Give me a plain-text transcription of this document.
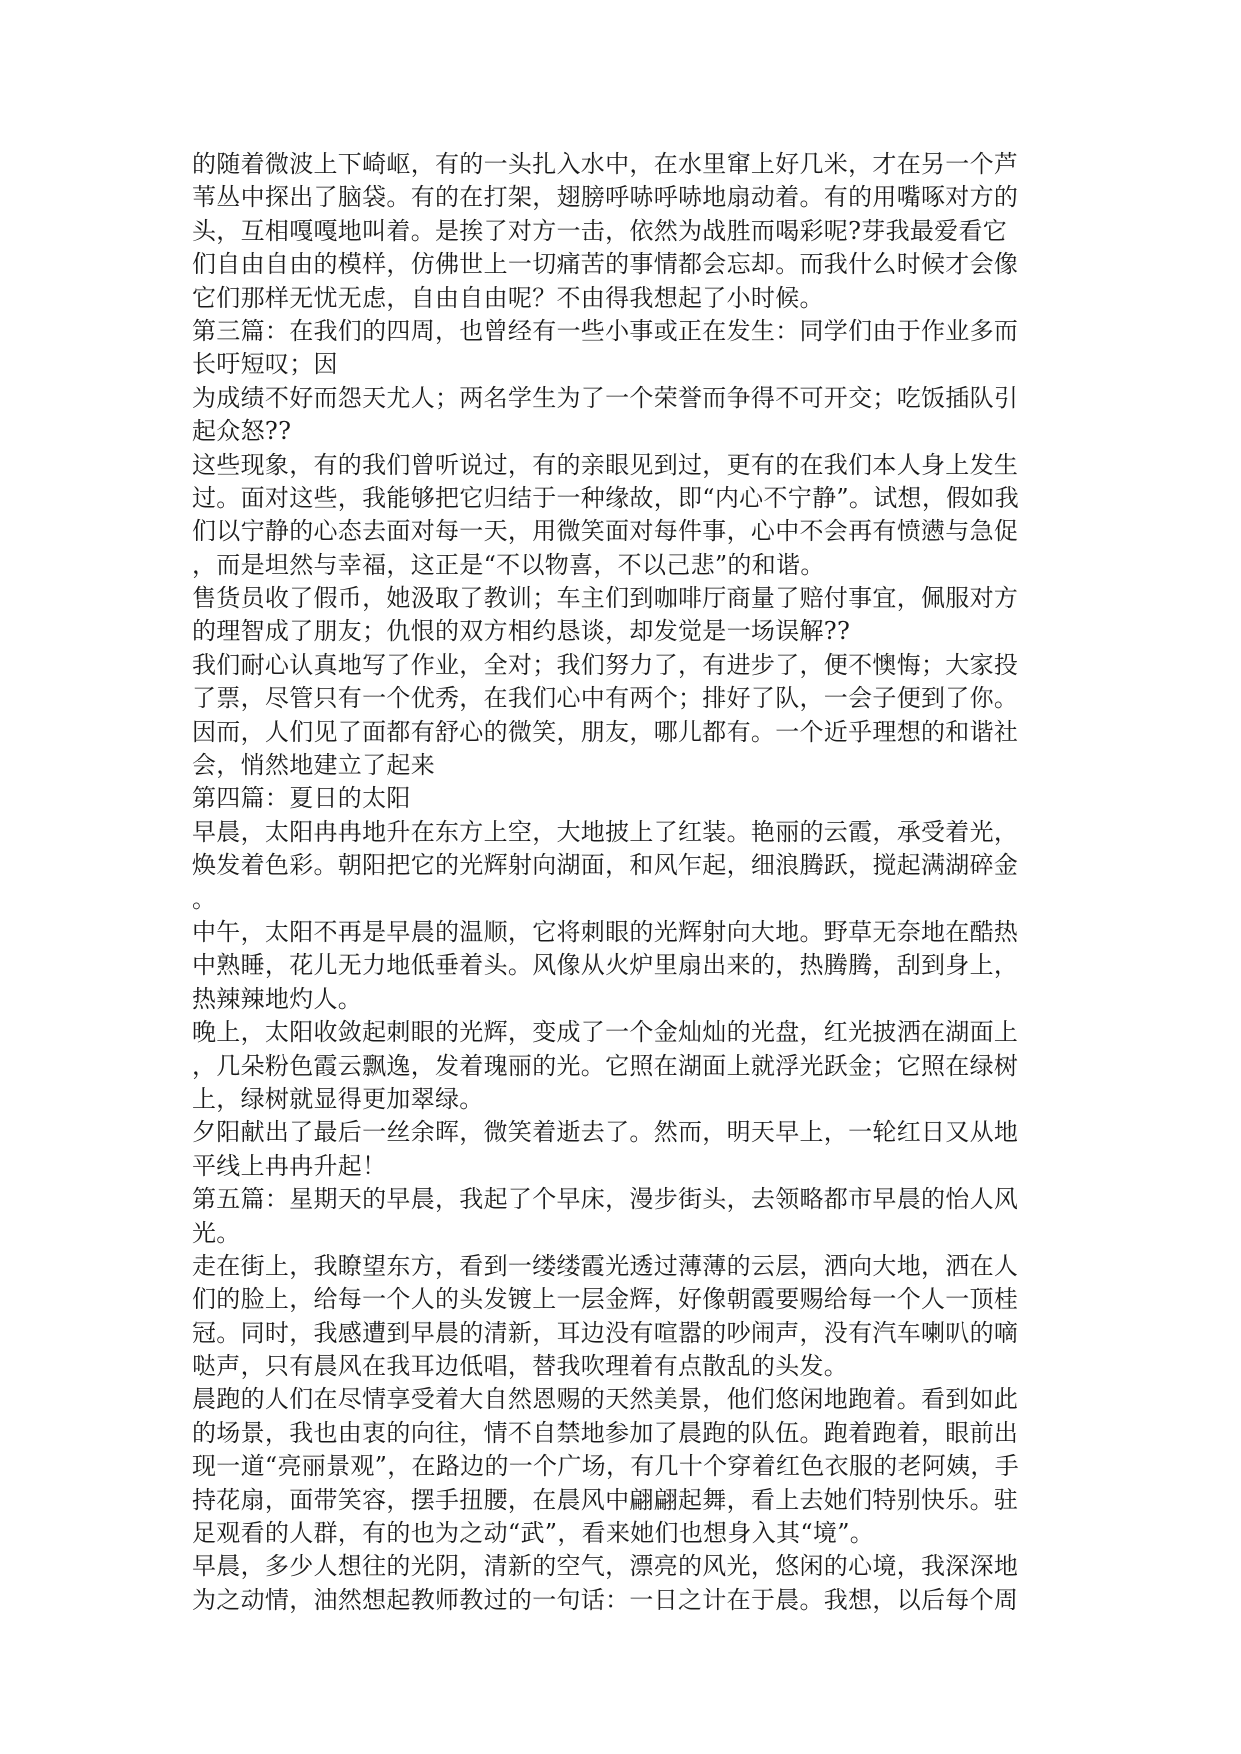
的随着微波上下崎岖，有的一头扎入水中，在水里窜上好几米，才在另一个芦
苇丛中探出了脑袋。有的在打架，翅膀呼哧呼哧地扇动着。有的用嘴啄对方的
头，互相嘎嘎地叫着。是挨了对方一击，依然为战胜而喝彩呢?芽我最爱看它
们自由自由的模样，仿佛世上一切痛苦的事情都会忘却。而我什么时候才会像
它们那样无忧无虑，自由自由呢？不由得我想起了小时候。
第三篇：在我们的四周，也曾经有一些小事或正在发生：同学们由于作业多而
长吁短叹；因
为成绩不好而怨天尤人；两名学生为了一个荣誉而争得不可开交；吃饭插队引
起众怒??
这些现象，有的我们曾听说过，有的亲眼见到过，更有的在我们本人身上发生
过。面对这些，我能够把它归结于一种缘故，即“内心不宁静”。试想，假如我
们以宁静的心态去面对每一天，用微笑面对每件事，心中不会再有愤懑与急促
，而是坦然与幸福，这正是“不以物喜，不以己悲”的和谐。
售货员收了假币，她汲取了教训；车主们到咖啡厅商量了赔付事宜，佩服对方
的理智成了朋友；仇恨的双方相约恳谈，却发觉是一场误解??
我们耐心认真地写了作业，全对；我们努力了，有进步了，便不懊悔；大家投
了票，尽管只有一个优秀，在我们心中有两个；排好了队，一会子便到了你。
因而，人们见了面都有舒心的微笑，朋友，哪儿都有。一个近乎理想的和谐社
会，悄然地建立了起来
第四篇：夏日的太阳
早晨，太阳冉冉地升在东方上空，大地披上了红装。艳丽的云霞，承受着光，
焕发着色彩。朝阳把它的光辉射向湖面，和风乍起，细浪腾跃，搅起满湖碎金
。
中午，太阳不再是早晨的温顺，它将刺眼的光辉射向大地。野草无奈地在酷热
中熟睡，花儿无力地低垂着头。风像从火炉里扇出来的，热腾腾，刮到身上，
热辣辣地灼人。
晚上，太阳收敛起刺眼的光辉，变成了一个金灿灿的光盘，红光披洒在湖面上
，几朵粉色霞云飘逸，发着瑰丽的光。它照在湖面上就浮光跃金；它照在绿树
上，绿树就显得更加翠绿。
夕阳献出了最后一丝余晖，微笑着逝去了。然而，明天早上，一轮红日又从地
平线上冉冉升起！
第五篇：星期天的早晨，我起了个早床，漫步街头，去领略都市早晨的怡人风
光。
走在街上，我瞭望东方，看到一缕缕霞光透过薄薄的云层，洒向大地，洒在人
们的脸上，给每一个人的头发镀上一层金辉，好像朝霞要赐给每一个人一顶桂
冠。同时，我感遭到早晨的清新，耳边没有喧嚣的吵闹声，没有汽车喇叭的嘀
哒声，只有晨风在我耳边低唱，替我吹理着有点散乱的头发。
晨跑的人们在尽情享受着大自然恩赐的天然美景，他们悠闲地跑着。看到如此
的场景，我也由衷的向往，情不自禁地参加了晨跑的队伍。跑着跑着，眼前出
现一道“亮丽景观”，在路边的一个广场，有几十个穿着红色衣服的老阿姨，手
持花扇，面带笑容，摆手扭腰，在晨风中翩翩起舞，看上去她们特别快乐。驻
足观看的人群，有的也为之动“武”，看来她们也想身入其“境”。
早晨，多少人想往的光阴，清新的空气，漂亮的风光，悠闲的心境，我深深地
为之动情，油然想起教师教过的一句话：一日之计在于晨。我想，以后每个周
